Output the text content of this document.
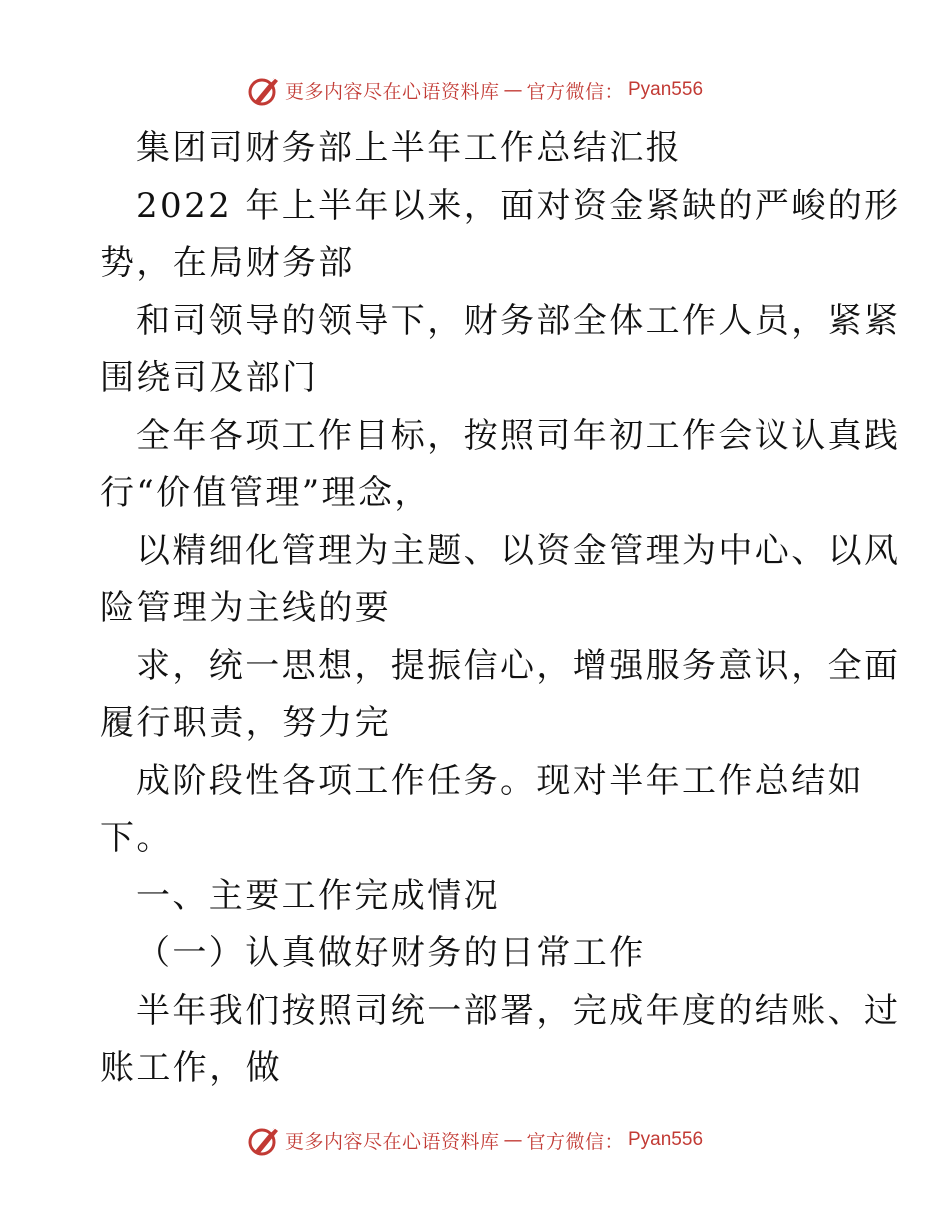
更多内容尽在心语资料库 — 官方微信： Pyan556
集团司财务部上半年工作总结汇报
2022 年上半年以来，面对资金紧缺的严峻的形
势，在局财务部
和司领导的领导下，财务部全体工作人员，紧紧
围绕司及部门
全年各项工作目标，按照司年初工作会议认真践
行“价值管理”理念，
以精细化管理为主题、以资金管理为中心、以风
险管理为主线的要
求，统一思想，提振信心，增强服务意识，全面
履行职责，努力完
成阶段性各项工作任务。现对半年工作总结如
下。
一、主要工作完成情况
（一）认真做好财务的日常工作
半年我们按照司统一部署，完成年度的结账、过
账工作，做
更多内容尽在心语资料库 — 官方微信： Pyan556
